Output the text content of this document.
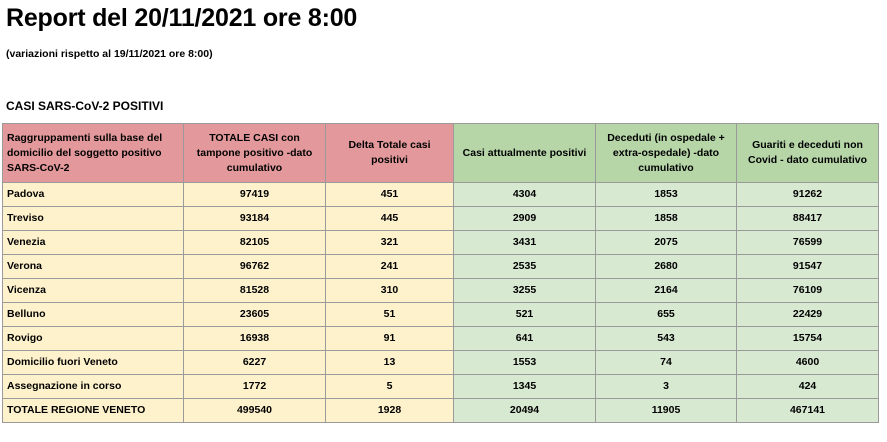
Report del 20/11/2021 ore 8:00
(variazioni rispetto al 19/11/2021 ore 8:00)
CASI SARS-CoV-2 POSITIVI
Raggruppamenti sulla base del domicilio del soggetto positivo SARS-CoV-2	TOTALE CASI con tampone positivo -dato cumulativo	Delta Totale casi positivi	Casi attualmente positivi	Deceduti (in ospedale + extra-ospedale) -dato cumulativo	Guariti e deceduti non Covid - dato cumulativo
Padova	97419	451	4304	1853	91262
Treviso	93184	445	2909	1858	88417
Venezia	82105	321	3431	2075	76599
Verona	96762	241	2535	2680	91547
Vicenza	81528	310	3255	2164	76109
Belluno	23605	51	521	655	22429
Rovigo	16938	91	641	543	15754
Domicilio fuori Veneto	6227	13	1553	74	4600
Assegnazione in corso	1772	5	1345	3	424
TOTALE REGIONE VENETO	499540	1928	20494	11905	467141
